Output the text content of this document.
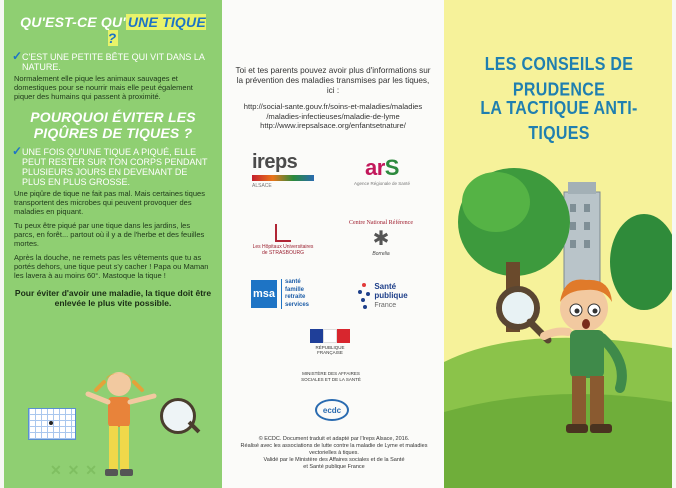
QU'EST-CE QU' UNE TIQUE ?
✓ C'EST UNE PETITE BÊTE QUI VIT DANS LA NATURE.

Normalement elle pique les animaux sauvages et domestiques pour se nourrir mais elle peut également piquer des humains qui passent à proximité.

POURQUOI ÉVITER LES PIQÛRES DE TIQUES ?
✓ UNE FOIS QU'UNE TIQUE A PIQUÉ, ELLE PEUT RESTER SUR TON CORPS PENDANT PLUSIEURS JOURS EN DEVENANT DE PLUS EN PLUS GROSSE.

Une piqûre de tique ne fait pas mal. Mais certaines tiques transportent des microbes qui peuvent provoquer des maladies en piquant.

Tu peux être piqué par une tique dans les jardins, les parcs, en forêt... partout où il y a de l'herbe et des feuilles mortes.

Après la douche, ne remets pas les vêtements que tu as portés dehors, une tique peut s'y cacher ! Papa ou Maman les lavera à au moins 60°. Mastoque la tique !

Pour éviter d'avoir une maladie, la tique doit être enlevée le plus vite possible.
✕ ✕ ✕
Toi et tes parents pouvez avoir plus d'informations sur la prévention des maladies transmises par les tiques, ici :
http://social-sante.gouv.fr/soins-et-maladies/maladies
/maladies-infectieuses/maladie-de-lyme
http://www.irepsalsace.org/enfantsetnature/
ireps
ALSACE
arS
Agence Régionale de Santé
Les Hôpitaux Universitaires de STRASBOURG
Centre National Référence
✱
Borrelia
msa
santé
famille
retraite
services
Santé
publique
France
RÉPUBLIQUE FRANÇAISE
MINISTÈRE DES AFFAIRES SOCIALES ET DE LA SANTÉ
ecdc
© ECDC. Document traduit et adapté par l'Ireps Alsace, 2016.
Réalisé avec les associations de lutte contre la maladie de Lyme et maladies vectorielles à tiques.
Validé par le Ministère des Affaires sociales et de la Santé
et Santé publique France
LES CONSEILS DE PRUDENCE
LA TACTIQUE ANTI-TIQUES
